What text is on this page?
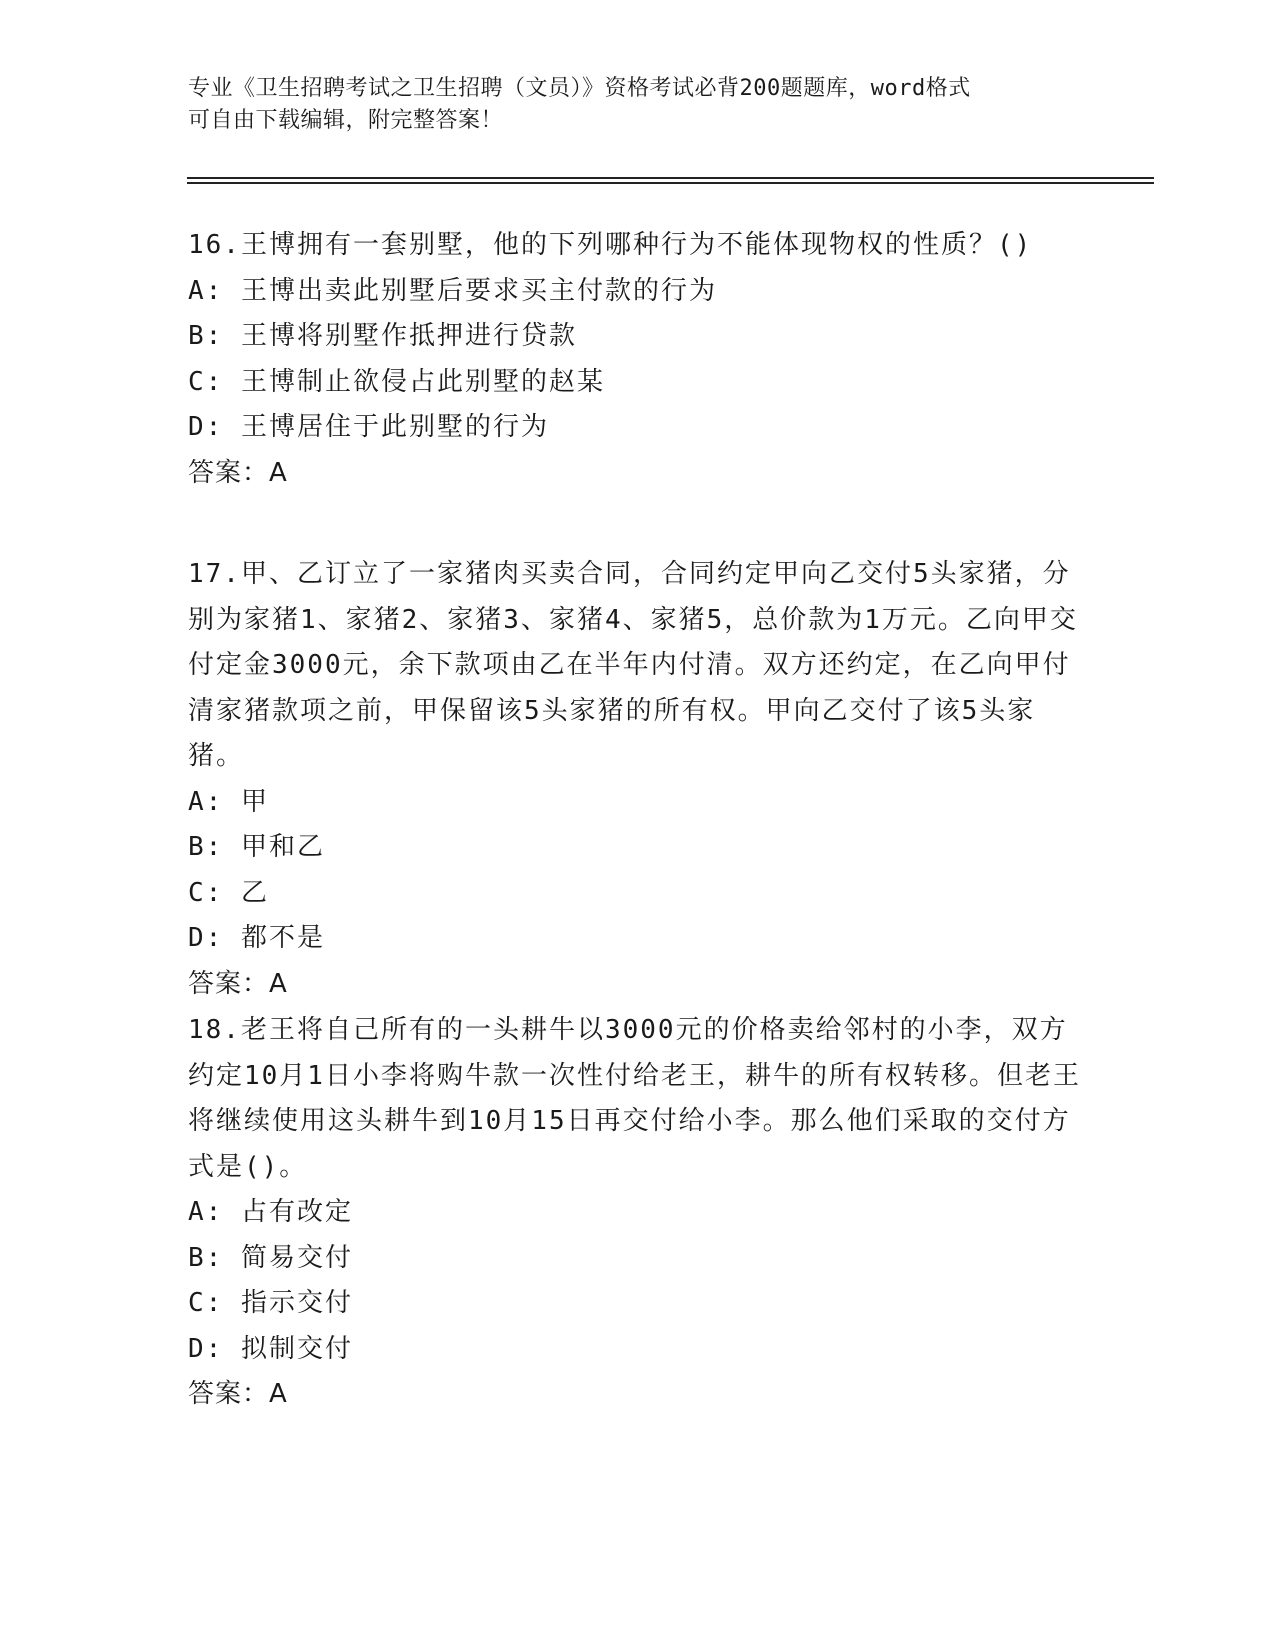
专业《卫生招聘考试之卫生招聘（文员）》资格考试必背200题题库，word格式
可自由下载编辑，附完整答案！
16.王博拥有一套别墅，他的下列哪种行为不能体现物权的性质？()
A: 王博出卖此别墅后要求买主付款的行为
B: 王博将别墅作抵押进行贷款
C: 王博制止欲侵占此别墅的赵某
D: 王博居住于此别墅的行为
答案：A
17.甲、乙订立了一家猪肉买卖合同，合同约定甲向乙交付5头家猪，分别为家猪1、家猪2、家猪3、家猪4、家猪5，总价款为1万元。乙向甲交付定金3000元，余下款项由乙在半年内付清。双方还约定，在乙向甲付清家猪款项之前，甲保留该5头家猪的所有权。甲向乙交付了该5头家猪。
A: 甲
B: 甲和乙
C: 乙
D: 都不是
答案：A
18.老王将自己所有的一头耕牛以3000元的价格卖给邻村的小李，双方约定10月1日小李将购牛款一次性付给老王，耕牛的所有权转移。但老王将继续使用这头耕牛到10月15日再交付给小李。那么他们采取的交付方式是()。
A: 占有改定
B: 简易交付
C: 指示交付
D: 拟制交付
答案：A
